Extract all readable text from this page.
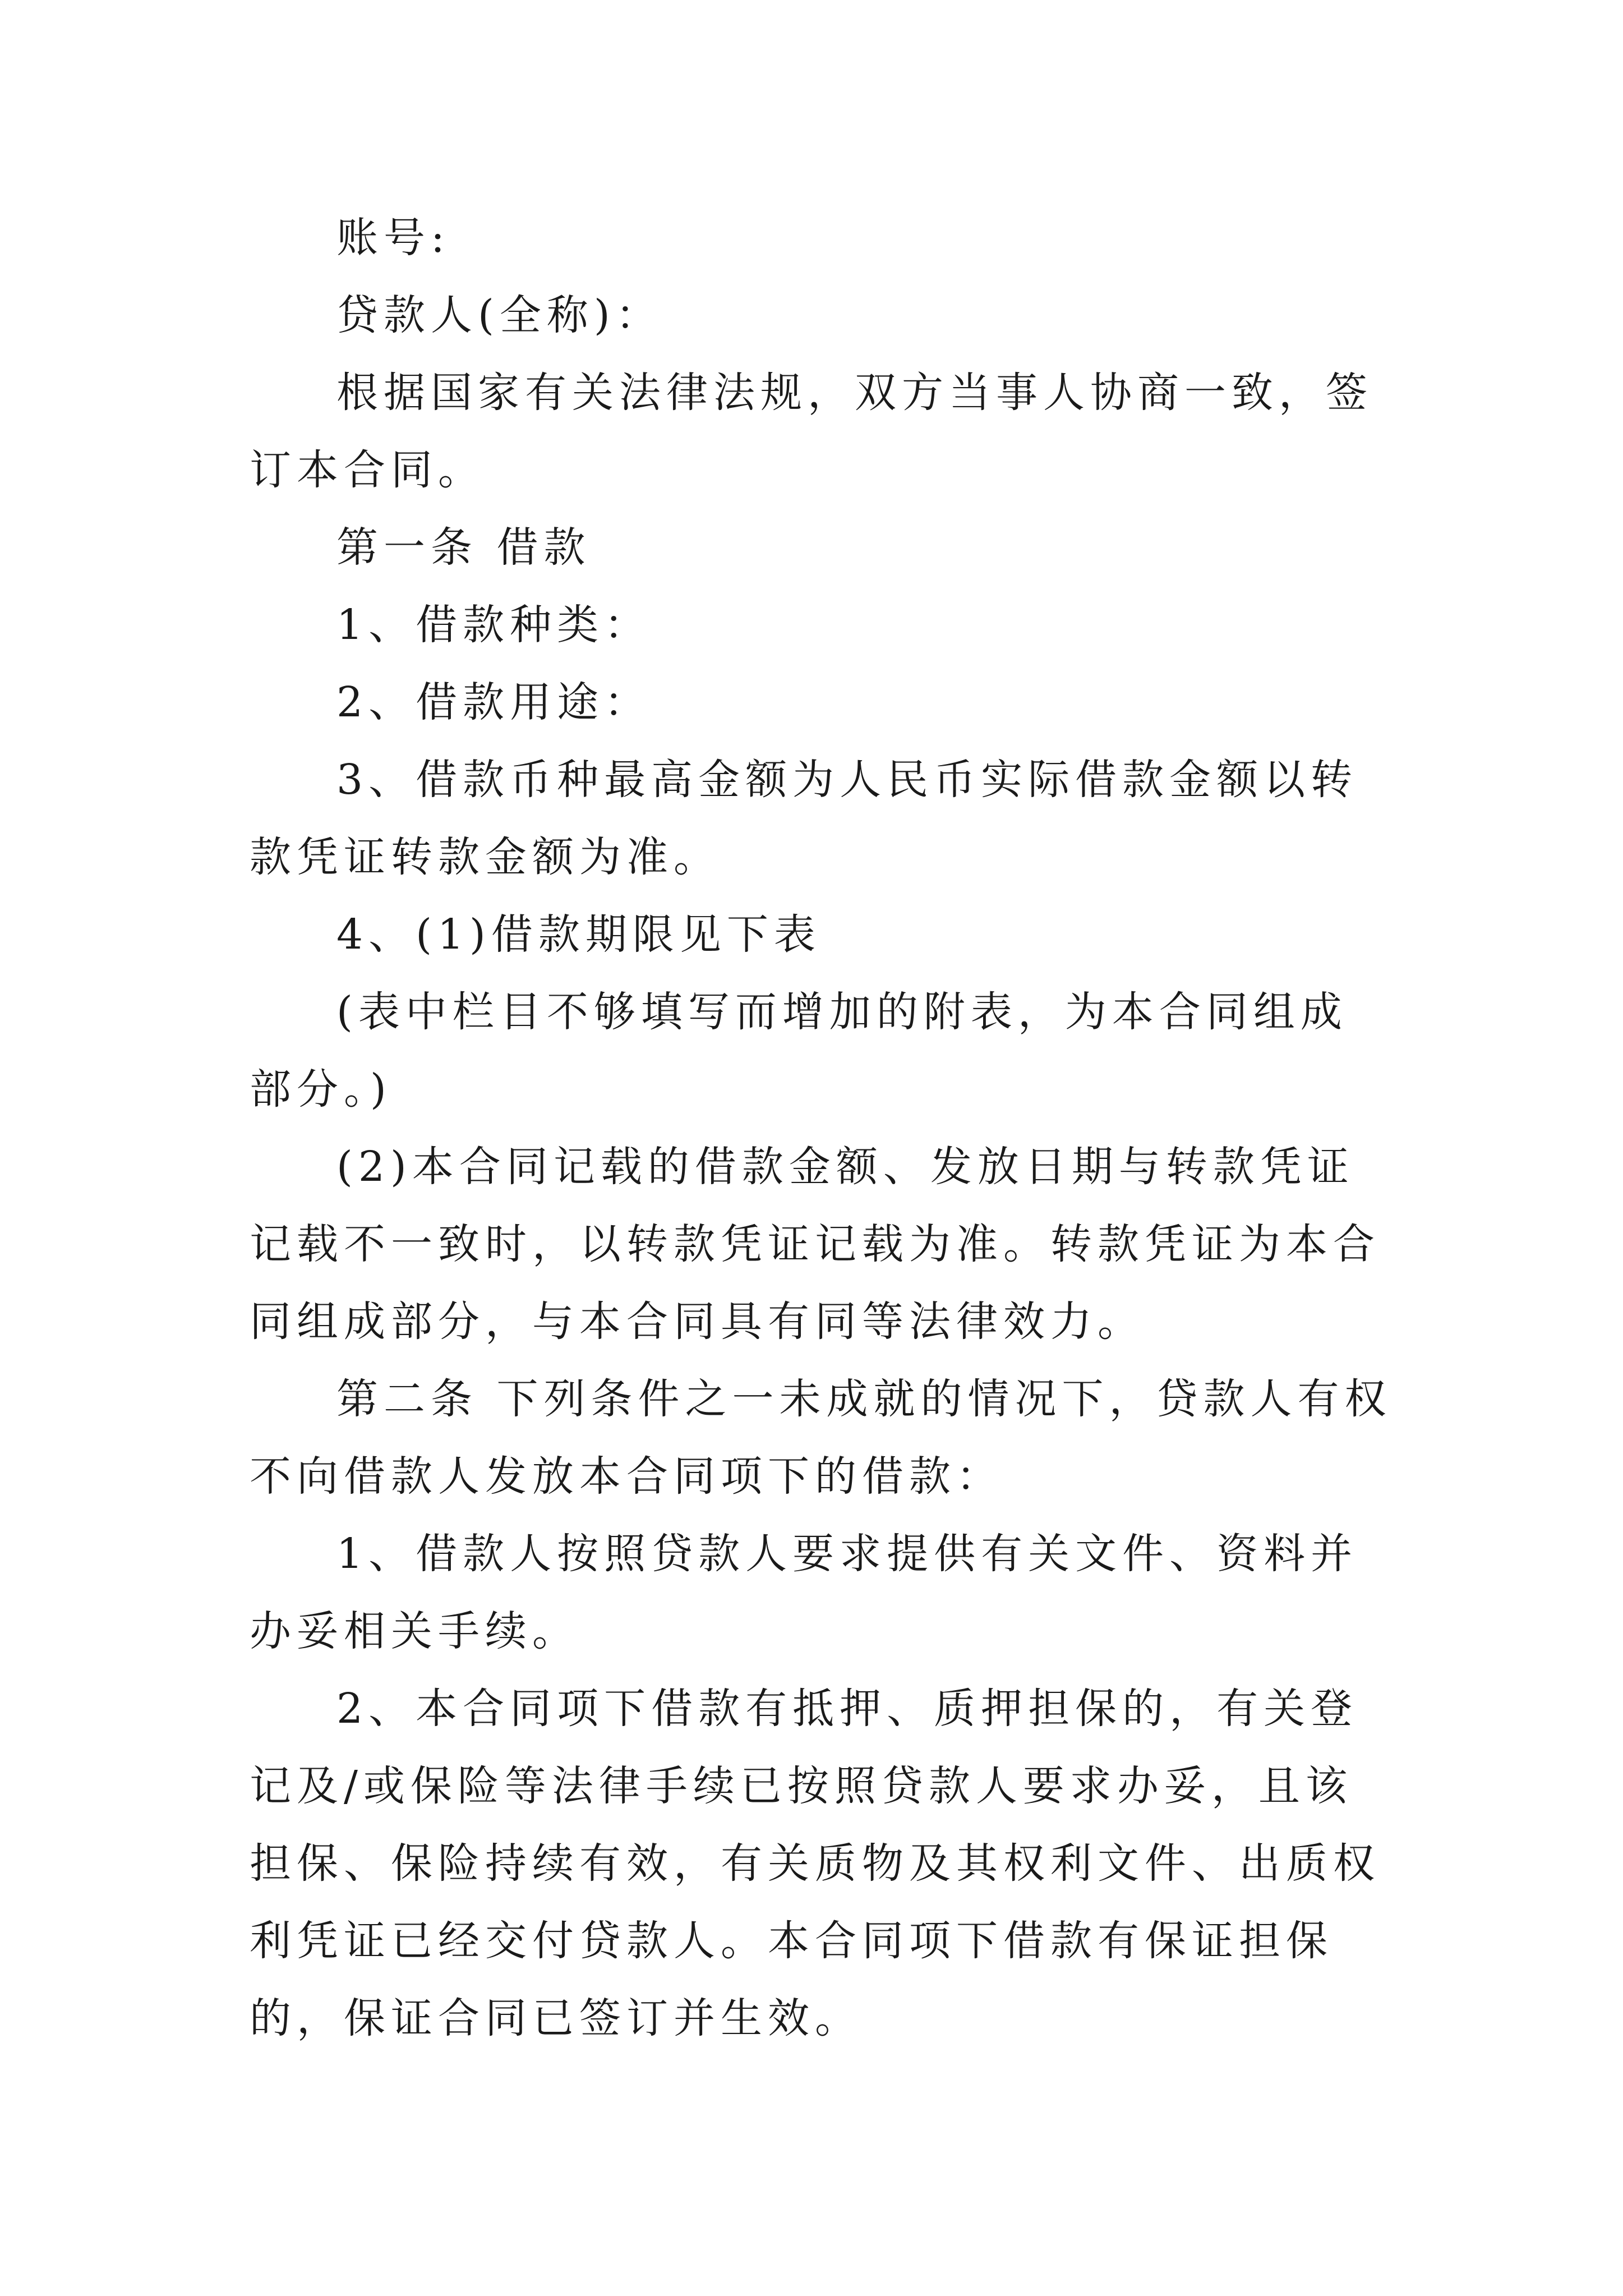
账号:

贷款人(全称)：

根据国家有关法律法规，双方当事人协商一致，签订本合同。

第一条 借款

1、借款种类：

2、借款用途：

3、借款币种最高金额为人民币实际借款金额以转款凭证转款金额为准。

4、(1)借款期限见下表

(表中栏目不够填写而增加的附表，为本合同组成部分。)

(2)本合同记载的借款金额、发放日期与转款凭证记载不一致时，以转款凭证记载为准。转款凭证为本合同组成部分，与本合同具有同等法律效力。

第二条 下列条件之一未成就的情况下，贷款人有权不向借款人发放本合同项下的借款：

1、借款人按照贷款人要求提供有关文件、资料并办妥相关手续。

2、本合同项下借款有抵押、质押担保的，有关登记及/或保险等法律手续已按照贷款人要求办妥，且该担保、保险持续有效，有关质物及其权利文件、出质权利凭证已经交付贷款人。本合同项下借款有保证担保的，保证合同已签订并生效。
